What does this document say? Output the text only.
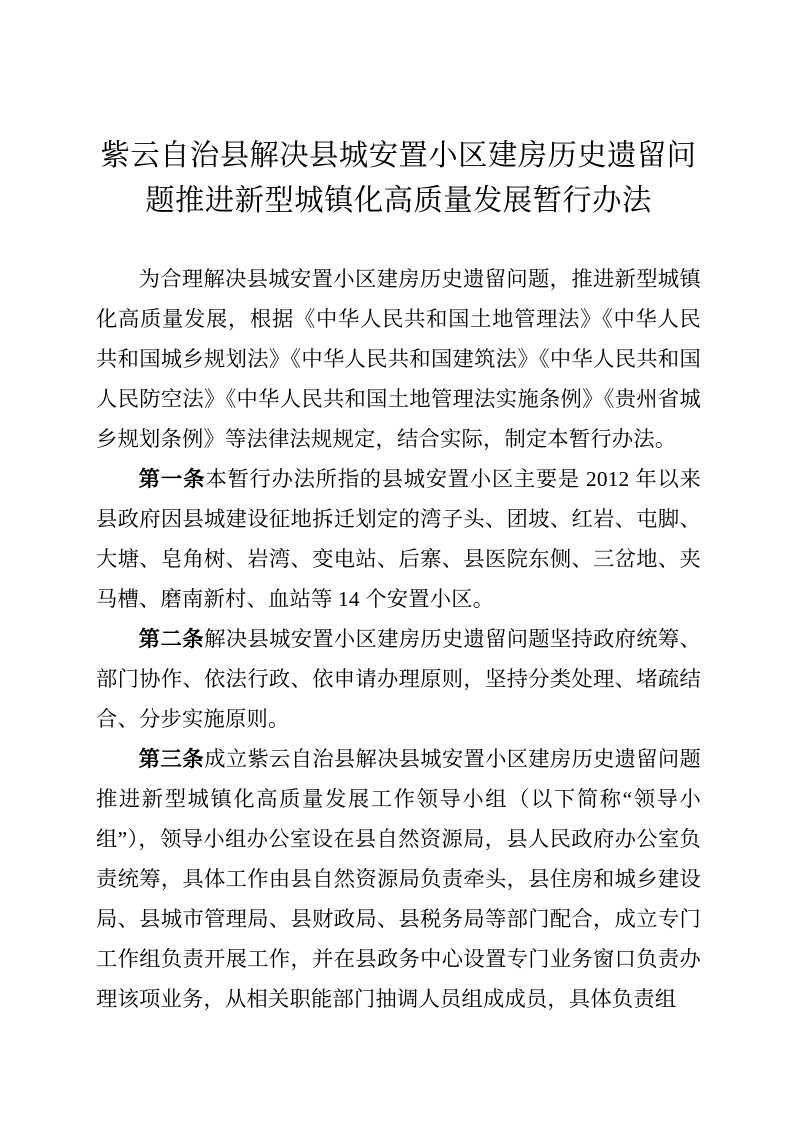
紫云自治县解决县城安置小区建房历史遗留问题推进新型城镇化高质量发展暂行办法

为合理解决县城安置小区建房历史遗留问题，推进新型城镇化高质量发展，根据《中华人民共和国土地管理法》《中华人民共和国城乡规划法》《中华人民共和国建筑法》《中华人民共和国人民防空法》《中华人民共和国土地管理法实施条例》《贵州省城乡规划条例》等法律法规规定，结合实际，制定本暂行办法。

第一条本暂行办法所指的县城安置小区主要是 2012 年以来县政府因县城建设征地拆迁划定的湾子头、团坡、红岩、屯脚、大塘、皂角树、岩湾、变电站、后寨、县医院东侧、三岔地、夹马槽、磨南新村、血站等 14 个安置小区。

第二条解决县城安置小区建房历史遗留问题坚持政府统筹、部门协作、依法行政、依申请办理原则，坚持分类处理、堵疏结合、分步实施原则。

第三条成立紫云自治县解决县城安置小区建房历史遗留问题推进新型城镇化高质量发展工作领导小组（以下简称“领导小组”），领导小组办公室设在县自然资源局，县人民政府办公室负责统筹，具体工作由县自然资源局负责牵头，县住房和城乡建设局、县城市管理局、县财政局、县税务局等部门配合，成立专门工作组负责开展工作，并在县政务中心设置专门业务窗口负责办理该项业务，从相关职能部门抽调人员组成成员，具体负责组
